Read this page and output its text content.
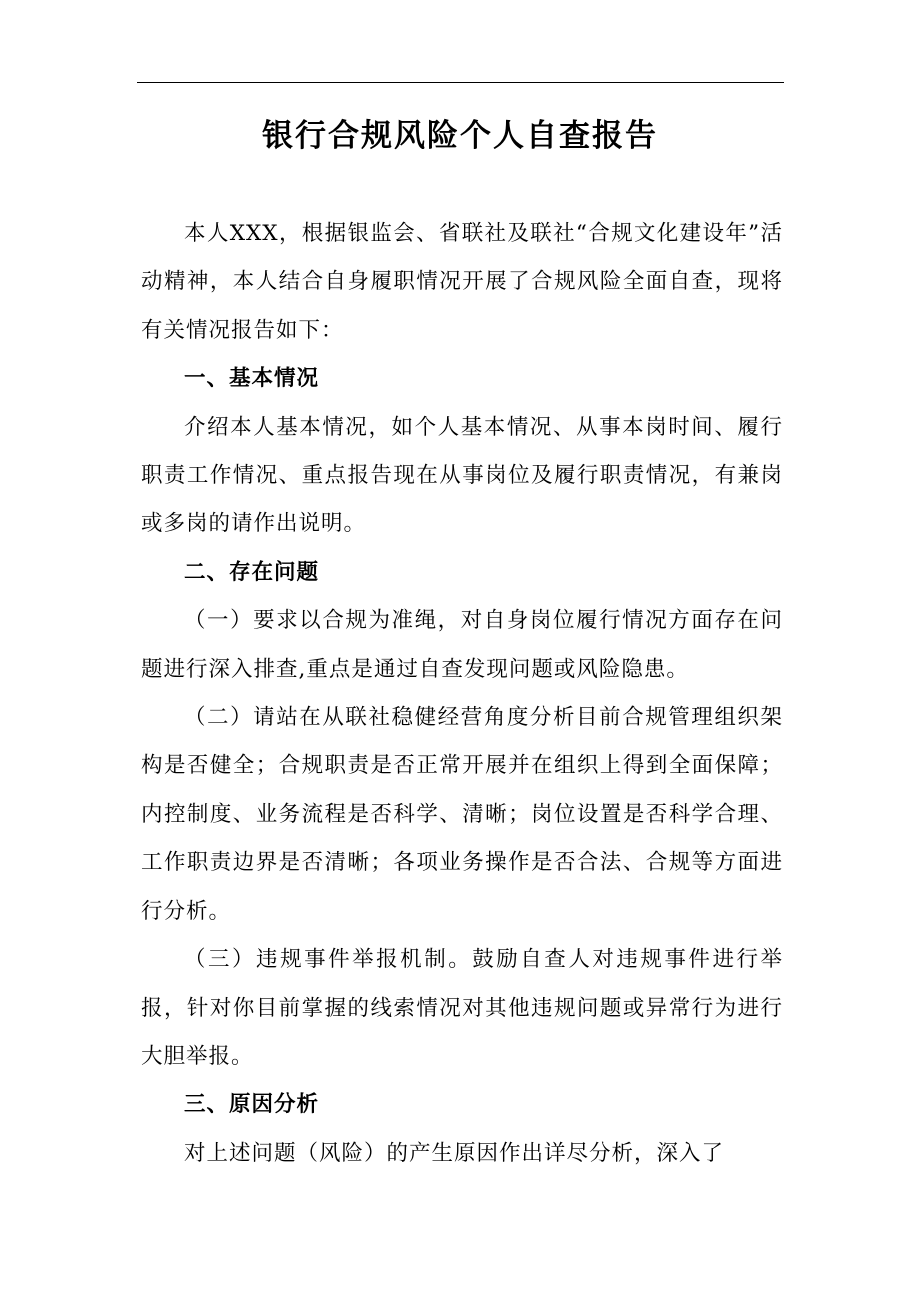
银行合规风险个人自查报告

本人XXX，根据银监会、省联社及联社“合规文化建设年”活动精神，本人结合自身履职情况开展了合规风险全面自查，现将有关情况报告如下：

一、基本情况

介绍本人基本情况，如个人基本情况、从事本岗时间、履行职责工作情况、重点报告现在从事岗位及履行职责情况，有兼岗或多岗的请作出说明。

二、存在问题

（一）要求以合规为准绳，对自身岗位履行情况方面存在问题进行深入排查,重点是通过自查发现问题或风险隐患。

（二）请站在从联社稳健经营角度分析目前合规管理组织架构是否健全；合规职责是否正常开展并在组织上得到全面保障；内控制度、业务流程是否科学、清晰；岗位设置是否科学合理、工作职责边界是否清晰；各项业务操作是否合法、合规等方面进行分析。

（三）违规事件举报机制。鼓励自查人对违规事件进行举报，针对你目前掌握的线索情况对其他违规问题或异常行为进行大胆举报。

三、原因分析

对上述问题（风险）的产生原因作出详尽分析，深入了
